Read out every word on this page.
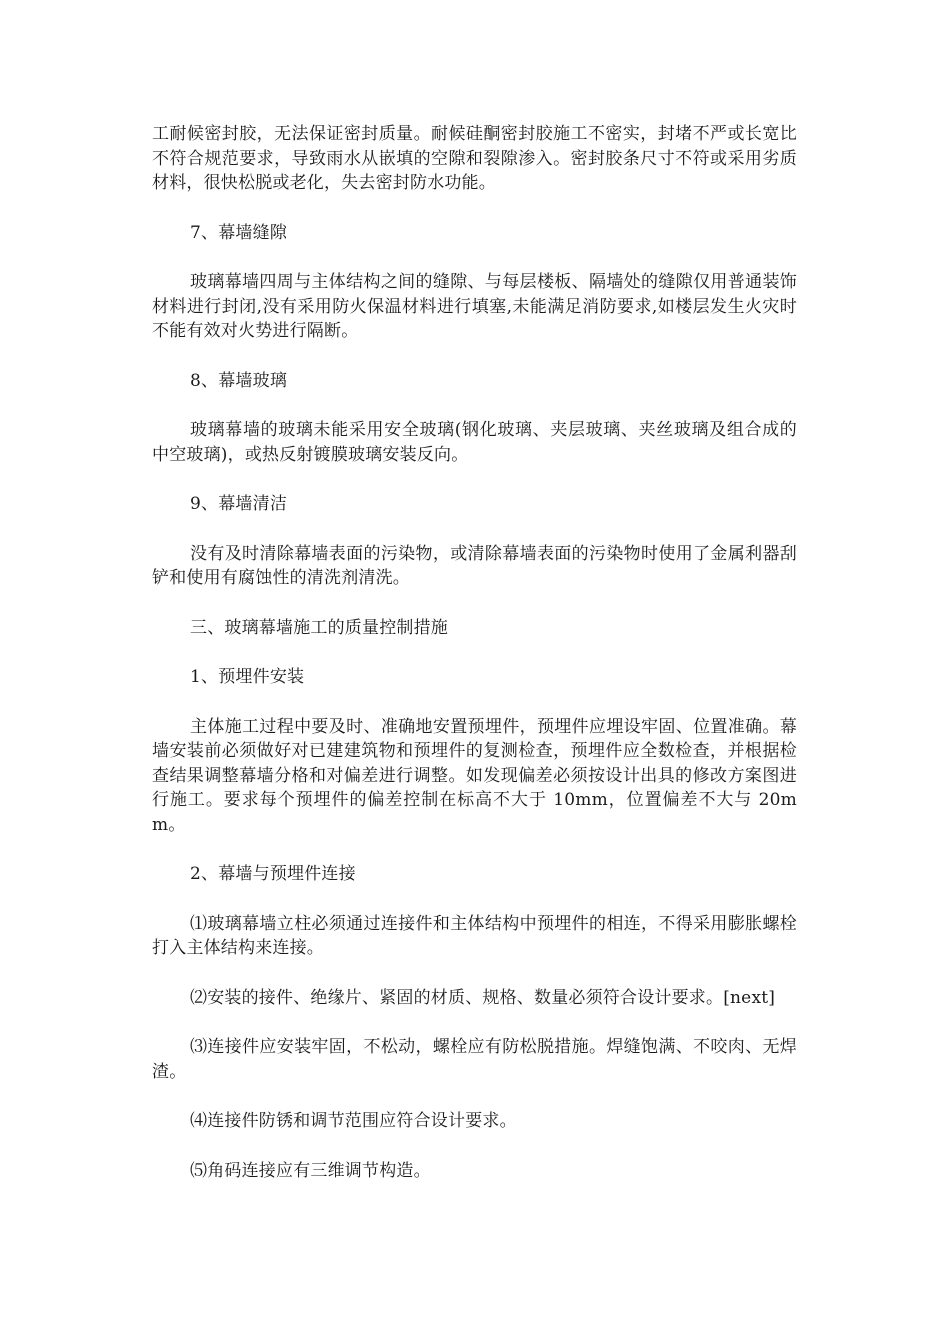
工耐候密封胶，无法保证密封质量。耐候硅酮密封胶施工不密实，封堵不严或长宽比不符合规范要求，导致雨水从嵌填的空隙和裂隙渗入。密封胶条尺寸不符或采用劣质材料，很快松脱或老化，失去密封防水功能。

7、幕墙缝隙

玻璃幕墙四周与主体结构之间的缝隙、与每层楼板、隔墙处的缝隙仅用普通装饰材料进行封闭,没有采用防火保温材料进行填塞,未能满足消防要求,如楼层发生火灾时不能有效对火势进行隔断。

8、幕墙玻璃

玻璃幕墙的玻璃未能采用安全玻璃(钢化玻璃、夹层玻璃、夹丝玻璃及组合成的中空玻璃)，或热反射镀膜玻璃安装反向。

9、幕墙清洁

没有及时清除幕墙表面的污染物，或清除幕墙表面的污染物时使用了金属利器刮铲和使用有腐蚀性的清洗剂清洗。

三、玻璃幕墙施工的质量控制措施

1、预埋件安装

主体施工过程中要及时、准确地安置预埋件，预埋件应埋设牢固、位置准确。幕墙安装前必须做好对已建建筑物和预埋件的复测检查，预埋件应全数检查，并根据检查结果调整幕墙分格和对偏差进行调整。如发现偏差必须按设计出具的修改方案图进行施工。要求每个预埋件的偏差控制在标高不大于 10mm，位置偏差不大与 20mm。

2、幕墙与预埋件连接

⑴玻璃幕墙立柱必须通过连接件和主体结构中预埋件的相连，不得采用膨胀螺栓打入主体结构来连接。

⑵安装的接件、绝缘片、紧固的材质、规格、数量必须符合设计要求。[next]

⑶连接件应安装牢固，不松动，螺栓应有防松脱措施。焊缝饱满、不咬肉、无焊渣。

⑷连接件防锈和调节范围应符合设计要求。

⑸角码连接应有三维调节构造。
